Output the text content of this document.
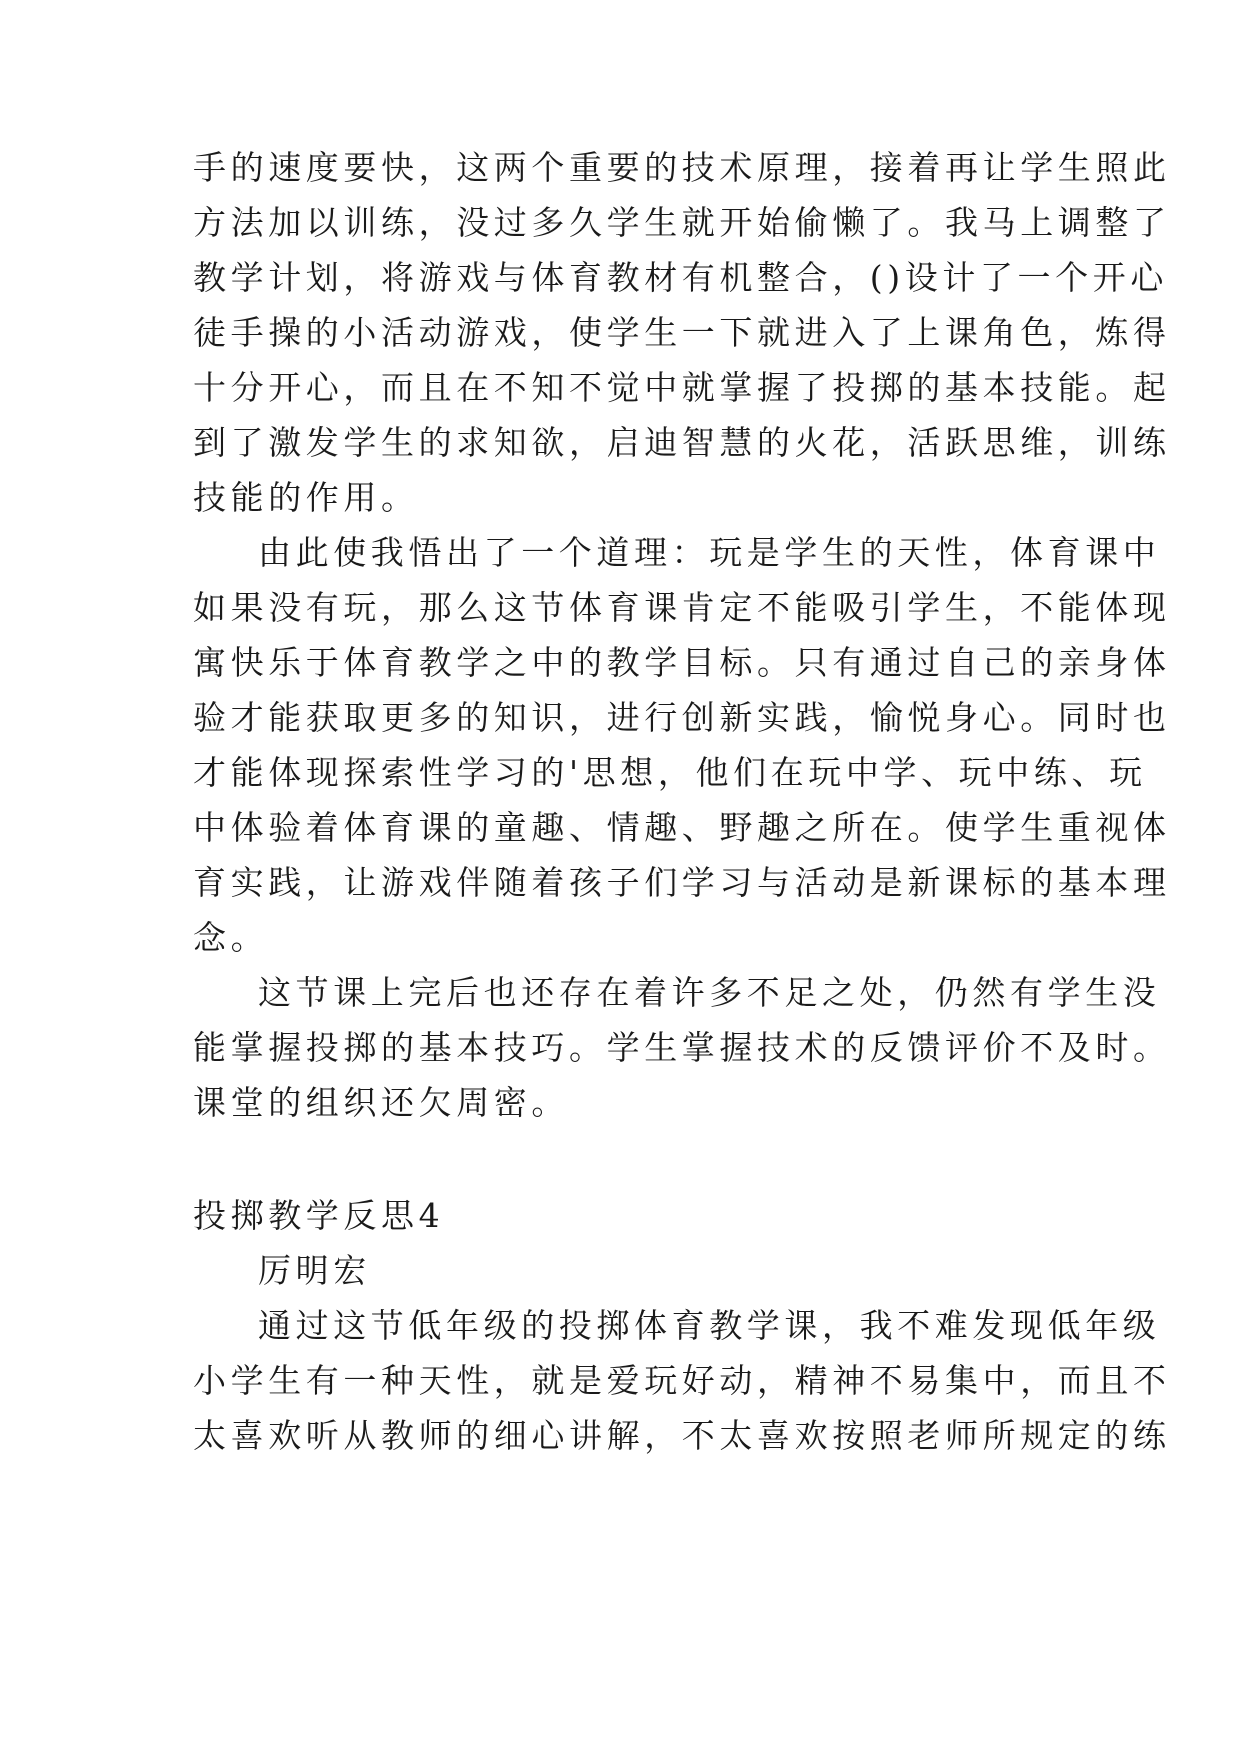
手的速度要快，这两个重要的技术原理，接着再让学生照此
方法加以训练，没过多久学生就开始偷懒了。我马上调整了
教学计划，将游戏与体育教材有机整合，()设计了一个开心
徒手操的小活动游戏，使学生一下就进入了上课角色，炼得
十分开心，而且在不知不觉中就掌握了投掷的基本技能。起
到了激发学生的求知欲，启迪智慧的火花，活跃思维，训练
技能的作用。
由此使我悟出了一个道理：玩是学生的天性，体育课中
如果没有玩，那么这节体育课肯定不能吸引学生，不能体现
寓快乐于体育教学之中的教学目标。只有通过自己的亲身体
验才能获取更多的知识，进行创新实践，愉悦身心。同时也
才能体现探索性学习的'思想，他们在玩中学、玩中练、玩
中体验着体育课的童趣、情趣、野趣之所在。使学生重视体
育实践，让游戏伴随着孩子们学习与活动是新课标的基本理
念。
这节课上完后也还存在着许多不足之处，仍然有学生没
能掌握投掷的基本技巧。学生掌握技术的反馈评价不及时。
课堂的组织还欠周密。
投掷教学反思4
厉明宏
通过这节低年级的投掷体育教学课，我不难发现低年级
小学生有一种天性，就是爱玩好动，精神不易集中，而且不
太喜欢听从教师的细心讲解，不太喜欢按照老师所规定的练
